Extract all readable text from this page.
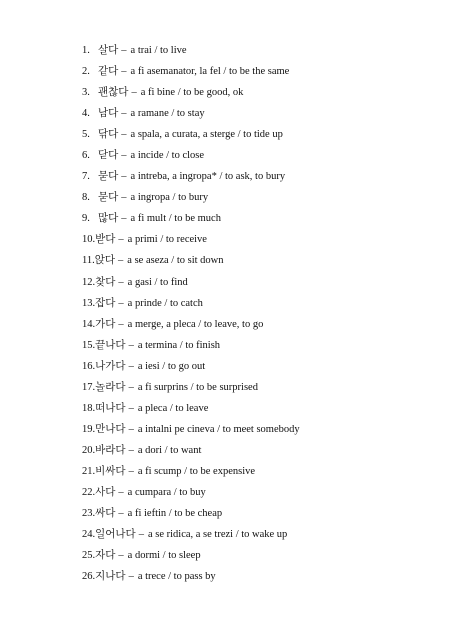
1. 살다 – a trai / to live
2. 같다 – a fi asemanator, la fel / to be the same
3. 괜찮다 – a fi bine / to be good, ok
4. 남다 – a ramane / to stay
5. 닦다 – a spala, a curata, a sterge / to tide up
6. 닫다 – a incide / to close
7. 묻다 – a intreba, a ingropa* / to ask, to bury
8. 묻다 – a ingropa / to bury
9. 많다 – a fi mult / to be much
10.받다 – a primi / to receive
11.앉다 – a se aseza / to sit down
12.찾다 – a gasi / to find
13.잡다 – a prinde / to catch
14.가다 – a merge, a pleca / to leave, to go
15.끝나다 – a termina / to finish
16.나가다 – a iesi / to go out
17.놀라다 – a fi surprins / to be surprised
18.떠나다 – a pleca / to leave
19.만나다 – a intalni pe cineva / to meet somebody
20.바라다 – a dori / to want
21.비싸다 – a fi scump / to be expensive
22.사다 – a cumpara / to buy
23.싸다 – a fi ieftin / to be cheap
24.일어나다 – a se ridica, a se trezi / to wake up
25.자다 – a dormi / to sleep
26.지나다 – a trece / to pass by
